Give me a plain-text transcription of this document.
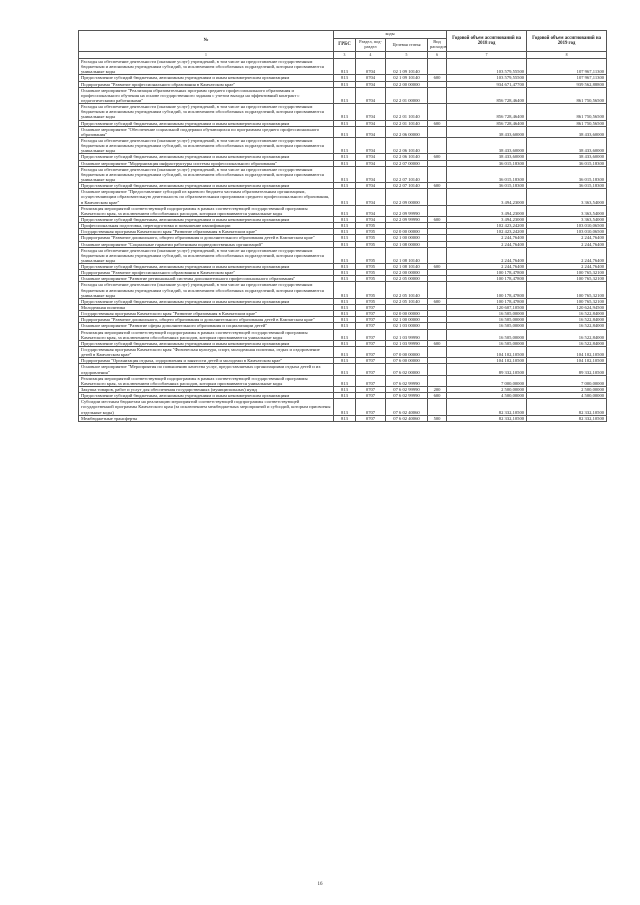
№	коды				Годовой объем ассигнований на 2018 год	Годовой объем ассигнований на 2019 год
	ГРБС	Раздел, под-раздел	Целевая статья	Вид расходов		
1	3	4	5	6	7	8
Расходы на обеспечение деятельности (оказание услуг) учреждений, в том числе на предоставление государственным бюджетным и автономным учреждениям субсидий, за исключением обособленных подразделений, которым присваиваются уникальные коды	813	0704	02 1 09 10140		103 579,55500	107 967,11300
Предоставление субсидий бюджетным, автономным учреждениям и иным некоммерческим организациям	813	0704	02 1 09 10140	600	103 579,55500	107 967,11300
Подпрограмма "Развитие профессионального образования в Камчатском крае"	813	0704	02 2 00 00000		934 671,47700	939 562,88800
Основное мероприятие "Реализация образовательных программ среднего профессионального образования и профессионального обучения на основе государственного задания с учетом выхода на эффективный контракт с педагогическими работниками"	813	0704	02 2 01 00000		856 728,46400	861 750,56500
Расходы на обеспечение деятельности (оказание услуг) учреждений, в том числе на предоставление государственным бюджетным и автономным учреждениям субсидий, за исключением обособленных подразделений, которым присваиваются уникальные коды	813	0704	02 2 01 10140		856 728,46400	861 750,56500
Предоставление субсидий бюджетным, автономным учреждениям и иным некоммерческим организациям	813	0704	02 2 01 10140	600	856 728,46400	861 750,56500
Основное мероприятие "Обеспечение социальной поддержки обучающихся по программам среднего профессионального образования"	813	0704	02 2 06 00000		38 433,60000	38 433,60000
Расходы на обеспечение деятельности (оказание услуг) учреждений, в том числе на предоставление государственным бюджетным и автономным учреждениям субсидий, за исключением обособленных подразделений, которым присваиваются уникальные коды	813	0704	02 2 06 10140		38 433,60000	38 433,60000
Предоставление субсидий бюджетным, автономным учреждениям и иным некоммерческим организациям	813	0704	02 2 06 10140	600	38 433,60000	38 433,60000
Основное мероприятие "Модернизация инфраструктуры системы профессионального образования"	813	0704	02 2 07 00000		36 015,18300	36 015,18300
Расходы на обеспечение деятельности (оказание услуг) учреждений, в том числе на предоставление государственным бюджетным и автономным учреждениям субсидий, за исключением обособленных подразделений, которым присваиваются уникальные коды	813	0704	02 2 07 10140		36 015,18300	36 015,18300
Предоставление субсидий бюджетным, автономным учреждениям и иным некоммерческим организациям	813	0704	02 2 07 10140	600	36 015,18300	36 015,18300
Основное мероприятие "Предоставление субсидий из краевого бюджета частным образовательным организациям, осуществляющим образовательную деятельность по образовательным программам среднего профессионального образования, в Камчатском крае"	813	0704	02 2 09 00000		3 494,23000	3 363,54000
Реализация мероприятий соответствующей подпрограммы в рамках соответствующей государственной программы Камчатского края, за исключением обособленных расходов, которым присваиваются уникальные коды	813	0704	02 2 09 99990		3 494,23000	3 363,54000
Предоставление субсидий бюджетным, автономным учреждениям и иным некоммерческим организациям	813	0704	02 2 09 99990	600	3 494,23000	3 363,54000
Профессиональная подготовка, переподготовка и повышение квалификации	813	0705			102 423,24200	103 010,06500
Государственная программа Камчатского края "Развитие образования в Камчатском крае"	813	0705	02 0 00 00000		102 423,24200	103 010,06500
Подпрограмма "Развитие дошкольного, общего образования и дополнительного образования детей в Камчатском крае"	813	0705	02 1 00 00000		2 244,76400	2 244,76400
Основное мероприятие "Социальные гарантии работникам подведомственных организаций"	813	0705	02 1 08 00000		2 244,76400	2 244,76400
Расходы на обеспечение деятельности (оказание услуг) учреждений, в том числе на предоставление государственным бюджетным и автономным учреждениям субсидий, за исключением обособленных подразделений, которым присваиваются уникальные коды	813	0705	02 1 08 10140		2 244,76400	2 244,76400
Предоставление субсидий бюджетным, автономным учреждениям и иным некоммерческим организациям	813	0705	02 1 08 10140	600	2 244,76400	2 244,76400
Подпрограмма "Развитие профессионального образования в Камчатском крае"	813	0705	02 2 00 00000		100 178,47800	100 765,32100
Основное мероприятие "Развитие региональной системы дополнительного профессионального образования"	813	0705	02 2 05 00000		100 178,47800	100 765,32100
Расходы на обеспечение деятельности (оказание услуг) учреждений, в том числе на предоставление государственным бюджетным и автономным учреждениям субсидий, за исключением обособленных подразделений, которым присваиваются уникальные коды	813	0705	02 2 05 10140		100 178,47800	100 765,32100
Предоставление субсидий бюджетным, автономным учреждениям и иным некоммерческим организациям	813	0705	02 2 05 10140	600	100 178,47800	100 765,32100
Молодежная политика	813	0707			120 607,10500	120 624,94500
Государственная программа Камчатского края "Развитие образования в Камчатском крае"	813	0707	02 0 00 00000		16 505,00000	16 522,84000
Подпрограмма "Развитие дошкольного, общего образования и дополнительного образования детей в Камчатском крае"	813	0707	02 1 00 00000		16 505,00000	16 522,84000
Основное мероприятие "Развитие сферы дополнительного образования и социализации детей"	813	0707	02 1 03 00000		16 505,00000	16 522,84000
Реализация мероприятий соответствующей подпрограммы в рамках соответствующей государственной программы Камчатского края, за исключением обособленных расходов, которым присваиваются уникальные коды	813	0707	02 1 03 99990		16 505,00000	16 522,84000
Предоставление субсидий бюджетным, автономным учреждениям и иным некоммерческим организациям	813	0707	02 1 03 99990	600	16 505,00000	16 522,84000
Государственная программа Камчатского края "Физическая культура, спорт, молодежная политика, отдых и оздоровление детей в Камчатском крае"	813	0707	07 0 00 00000		104 102,10500	104 102,10500
Подпрограмма "Организация отдыха, оздоровления и занятости детей и молодежи в Камчатском крае"	813	0707	07 6 00 00000		104 102,10500	104 102,10500
Основное мероприятие "Мероприятия по повышению качества услуг, предоставляемых организациями отдыха детей и их оздоровления"	813	0707	07 6 02 00000		89 332,10500	89 332,10500
Реализация мероприятий соответствующей подпрограммы в рамках соответствующей государственной программы Камчатского края, за исключением обособленных расходов, которым присваиваются уникальные коды	813	0707	07 6 02 99990		7 000,00000	7 000,00000
Закупка товаров, работ и услуг для обеспечения государственных (муниципальных) нужд	813	0707	07 6 02 99990	200	2 500,00000	2 500,00000
Предоставление субсидий бюджетным, автономным учреждениям и иным некоммерческим организациям	813	0707	07 6 02 99990	600	4 500,00000	4 500,00000
Субсидии местным бюджетам на реализацию мероприятий соответствующей подпрограммы соответствующей государственной программы Камчатского края (за исключением межбюджетных мероприятий и субсидий, которым присвоены отдельные коды)	813	0707	07 6 02 40060		82 332,10500	82 332,10500
Межбюджетные трансферты	813	0707	07 6 02 40060	500	82 332,10500	82 332,10500
16
